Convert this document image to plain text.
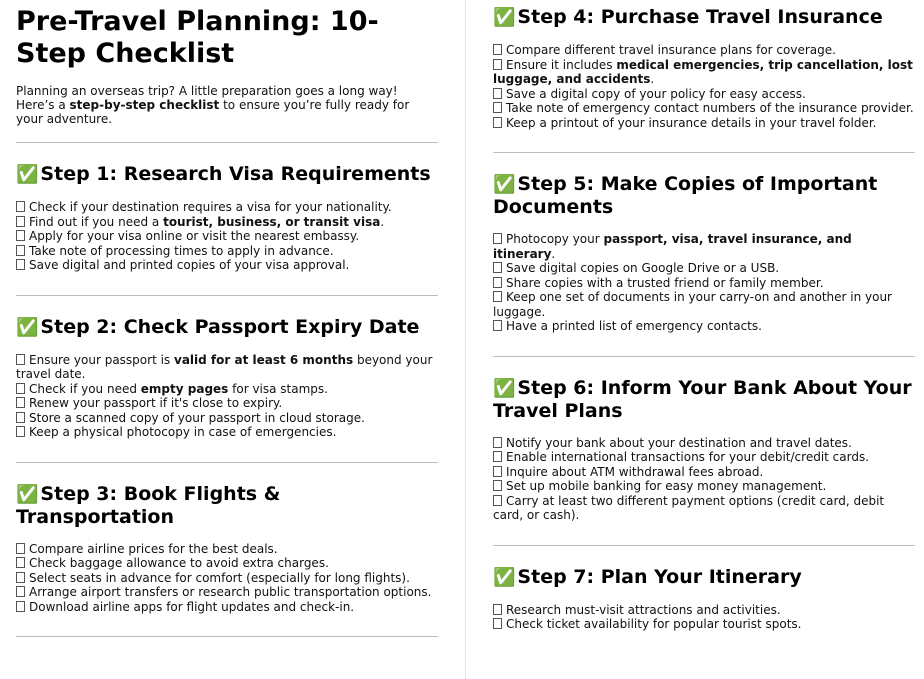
Pre-Travel Planning: 10-Step Checklist

Planning an overseas trip? A little preparation goes a long way! Here’s a step-by-step checklist to ensure you’re fully ready for your adventure.

✅ Step 1: Research Visa Requirements
Check if your destination requires a visa for your nationality.
Find out if you need a tourist, business, or transit visa.
Apply for your visa online or visit the nearest embassy.
Take note of processing times to apply in advance.
Save digital and printed copies of your visa approval.
✅ Step 2: Check Passport Expiry Date
Ensure your passport is valid for at least 6 months beyond your travel date.
Check if you need empty pages for visa stamps.
Renew your passport if it's close to expiry.
Store a scanned copy of your passport in cloud storage.
Keep a physical photocopy in case of emergencies.
✅ Step 3: Book Flights & Transportation
Compare airline prices for the best deals.
Check baggage allowance to avoid extra charges.
Select seats in advance for comfort (especially for long flights).
Arrange airport transfers or research public transportation options.
Download airline apps for flight updates and check-in.
✅ Step 4: Purchase Travel Insurance
Compare different travel insurance plans for coverage.
Ensure it includes medical emergencies, trip cancellation, lost luggage, and accidents.
Save a digital copy of your policy for easy access.
Take note of emergency contact numbers of the insurance provider.
Keep a printout of your insurance details in your travel folder.
✅ Step 5: Make Copies of Important Documents
Photocopy your passport, visa, travel insurance, and itinerary.
Save digital copies on Google Drive or a USB.
Share copies with a trusted friend or family member.
Keep one set of documents in your carry-on and another in your luggage.
Have a printed list of emergency contacts.
✅ Step 6: Inform Your Bank About Your Travel Plans
Notify your bank about your destination and travel dates.
Enable international transactions for your debit/credit cards.
Inquire about ATM withdrawal fees abroad.
Set up mobile banking for easy money management.
Carry at least two different payment options (credit card, debit card, or cash).
✅ Step 7: Plan Your Itinerary
Research must-visit attractions and activities.
Check ticket availability for popular tourist spots.
